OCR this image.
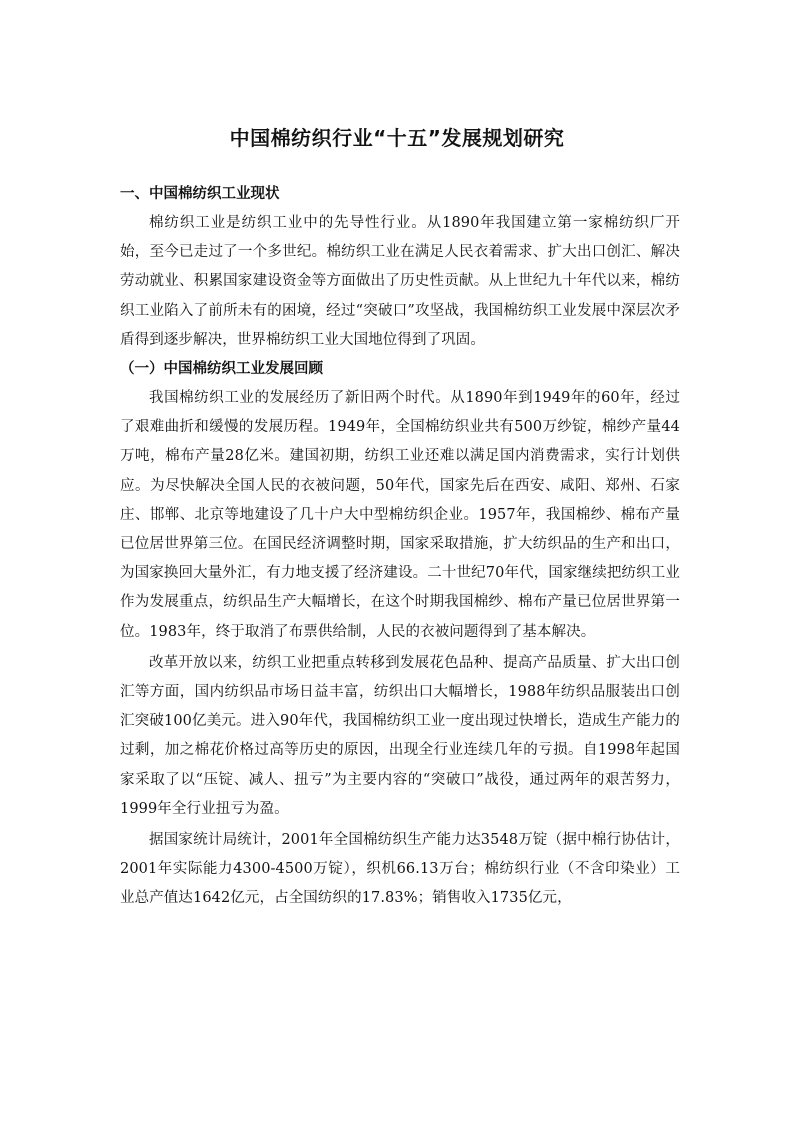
中国棉纺织行业“十五”发展规划研究

一、中国棉纺织工业现状

棉纺织工业是纺织工业中的先导性行业。从1890年我国建立第一家棉纺织厂开始，至今已走过了一个多世纪。棉纺织工业在满足人民衣着需求、扩大出口创汇、解决劳动就业、积累国家建设资金等方面做出了历史性贡献。从上世纪九十年代以来，棉纺织工业陷入了前所未有的困境，经过“突破口”攻坚战，我国棉纺织工业发展中深层次矛盾得到逐步解决，世界棉纺织工业大国地位得到了巩固。

（一）中国棉纺织工业发展回顾

我国棉纺织工业的发展经历了新旧两个时代。从1890年到1949年的60年，经过了艰难曲折和缓慢的发展历程。1949年，全国棉纺织业共有500万纱锭，棉纱产量44万吨，棉布产量28亿米。建国初期，纺织工业还难以满足国内消费需求，实行计划供应。为尽快解决全国人民的衣被问题，50年代，国家先后在西安、咸阳、郑州、石家庄、邯郸、北京等地建设了几十户大中型棉纺织企业。1957年，我国棉纱、棉布产量已位居世界第三位。在国民经济调整时期，国家采取措施，扩大纺织品的生产和出口，为国家换回大量外汇，有力地支援了经济建设。二十世纪70年代，国家继续把纺织工业作为发展重点，纺织品生产大幅增长，在这个时期我国棉纱、棉布产量已位居世界第一位。1983年，终于取消了布票供给制，人民的衣被问题得到了基本解决。

改革开放以来，纺织工业把重点转移到发展花色品种、提高产品质量、扩大出口创汇等方面，国内纺织品市场日益丰富，纺织出口大幅增长，1988年纺织品服装出口创汇突破100亿美元。进入90年代，我国棉纺织工业一度出现过快增长，造成生产能力的过剩，加之棉花价格过高等历史的原因，出现全行业连续几年的亏损。自1998年起国家采取了以“压锭、减人、扭亏”为主要内容的“突破口”战役，通过两年的艰苦努力，1999年全行业扭亏为盈。

据国家统计局统计，2001年全国棉纺织生产能力达3548万锭（据中棉行协估计，2001年实际能力4300-4500万锭），织机66.13万台；棉纺织行业（不含印染业）工业总产值达1642亿元，占全国纺织的17.83%；销售收入1735亿元，
